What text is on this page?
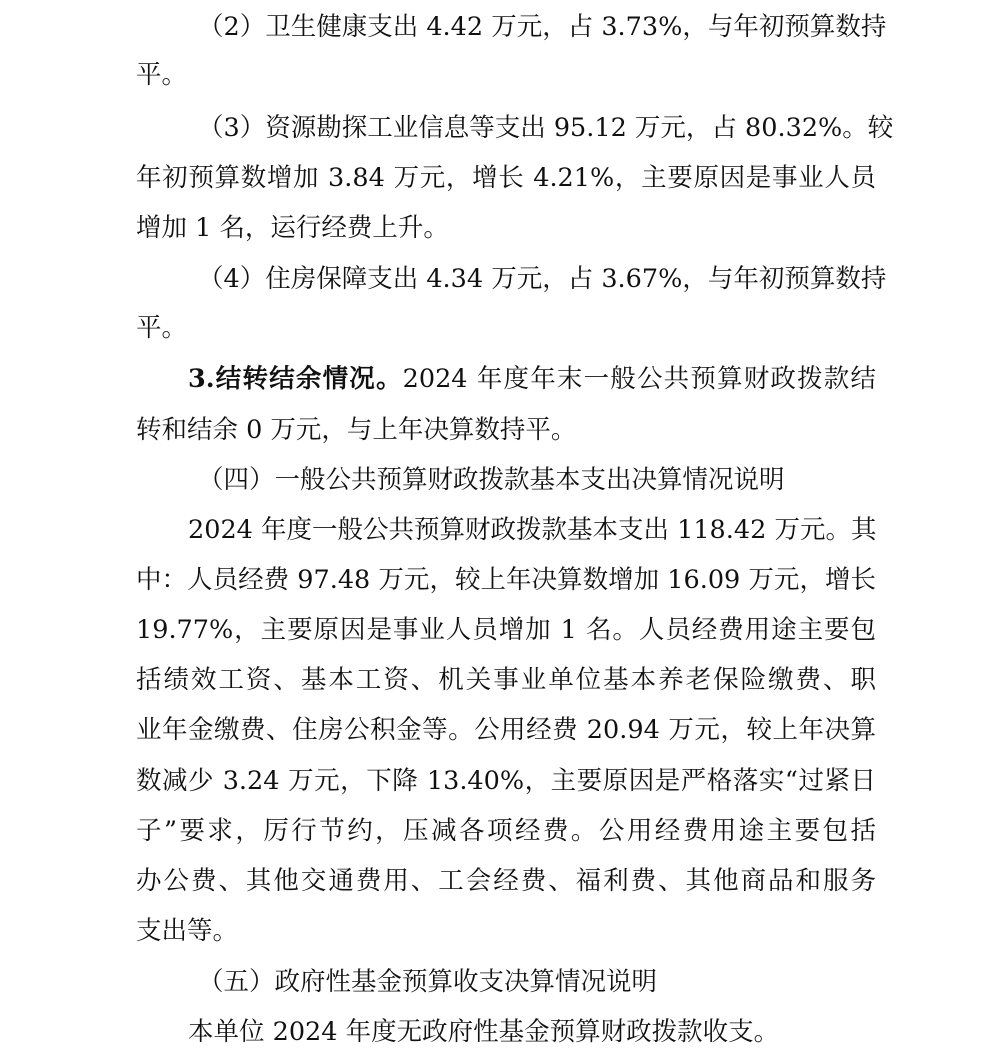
（2）卫生健康支出 4.42 万元，占 3.73%，与年初预算数持
平。
（3）资源勘探工业信息等支出 95.12 万元，占 80.32%。较
年初预算数增加 3.84 万元，增长 4.21%，主要原因是事业人员
增加 1 名，运行经费上升。
（4）住房保障支出 4.34 万元，占 3.67%，与年初预算数持
平。
3.结转结余情况。2024 年度年末一般公共预算财政拨款结
转和结余 0 万元，与上年决算数持平。
（四）一般公共预算财政拨款基本支出决算情况说明
2024 年度一般公共预算财政拨款基本支出 118.42 万元。其
中：人员经费 97.48 万元，较上年决算数增加 16.09 万元，增长
19.77%，主要原因是事业人员增加 1 名。人员经费用途主要包
括绩效工资、基本工资、机关事业单位基本养老保险缴费、职
业年金缴费、住房公积金等。公用经费 20.94 万元，较上年决算
数减少 3.24 万元，下降 13.40%，主要原因是严格落实“过紧日
子”要求，厉行节约，压减各项经费。公用经费用途主要包括
办公费、其他交通费用、工会经费、福利费、其他商品和服务
支出等。
（五）政府性基金预算收支决算情况说明
本单位 2024 年度无政府性基金预算财政拨款收支。
